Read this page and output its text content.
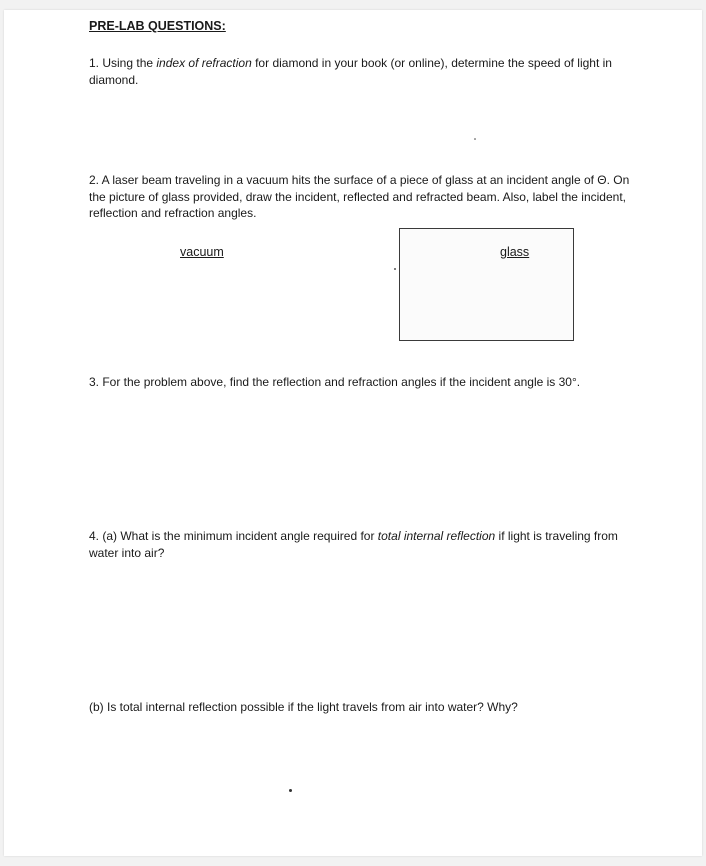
PRE-LAB QUESTIONS:
1. Using the index of refraction for diamond in your book (or online), determine the speed of light in diamond.
2. A laser beam traveling in a vacuum hits the surface of a piece of glass at an incident angle of Θ. On the picture of glass provided, draw the incident, reflected and refracted beam. Also, label the incident, reflection and refraction angles.
vacuum	glass
3. For the problem above, find the reflection and refraction angles if the incident angle is 30°.
4. (a) What is the minimum incident angle required for total internal reflection if light is traveling from water into air?
(b) Is total internal reflection possible if the light travels from air into water? Why?
